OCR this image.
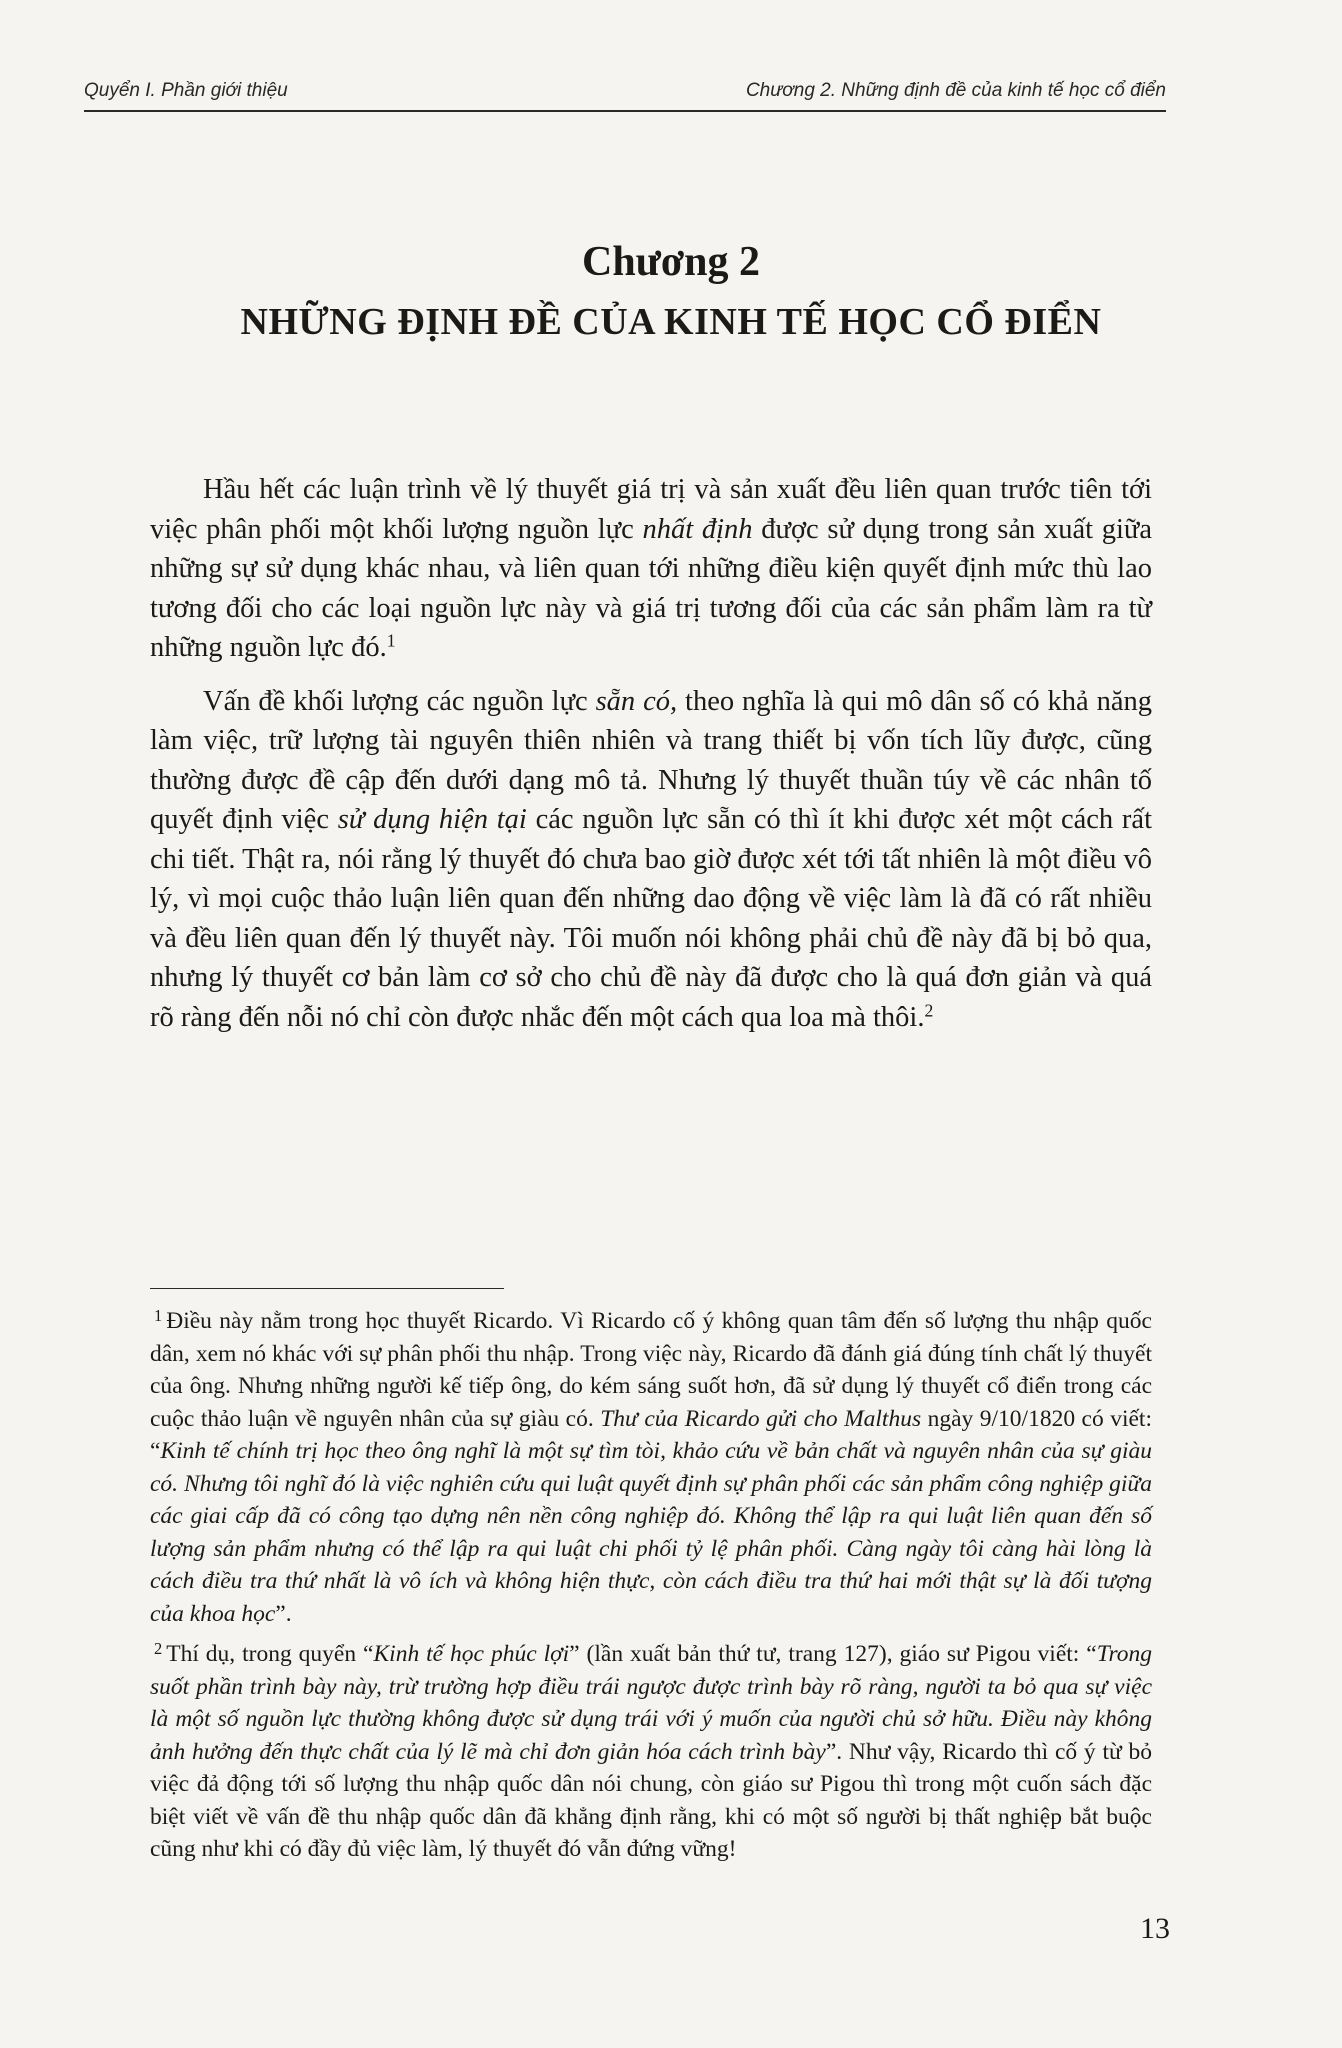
Quyển I. Phần giới thiệu	Chương 2. Những định đề của kinh tế học cổ điển
Chương 2
NHỮNG ĐỊNH ĐỀ CỦA KINH TẾ HỌC CỔ ĐIỂN

Hầu hết các luận trình về lý thuyết giá trị và sản xuất đều liên quan trước tiên tới việc phân phối một khối lượng nguồn lực nhất định được sử dụng trong sản xuất giữa những sự sử dụng khác nhau, và liên quan tới những điều kiện quyết định mức thù lao tương đối cho các loại nguồn lực này và giá trị tương đối của các sản phẩm làm ra từ những nguồn lực đó.$^1$

Vấn đề khối lượng các nguồn lực sẵn có, theo nghĩa là qui mô dân số có khả năng làm việc, trữ lượng tài nguyên thiên nhiên và trang thiết bị vốn tích lũy được, cũng thường được đề cập đến dưới dạng mô tả. Nhưng lý thuyết thuần túy về các nhân tố quyết định việc sử dụng hiện tại các nguồn lực sẵn có thì ít khi được xét một cách rất chi tiết. Thật ra, nói rằng lý thuyết đó chưa bao giờ được xét tới tất nhiên là một điều vô lý, vì mọi cuộc thảo luận liên quan đến những dao động về việc làm là đã có rất nhiều và đều liên quan đến lý thuyết này. Tôi muốn nói không phải chủ đề này đã bị bỏ qua, nhưng lý thuyết cơ bản làm cơ sở cho chủ đề này đã được cho là quá đơn giản và quá rõ ràng đến nỗi nó chỉ còn được nhắc đến một cách qua loa mà thôi.$^2$

$^1$ Điều này nằm trong học thuyết Ricardo. Vì Ricardo cố ý không quan tâm đến số lượng thu nhập quốc dân, xem nó khác với sự phân phối thu nhập. Trong việc này, Ricardo đã đánh giá đúng tính chất lý thuyết của ông. Nhưng những người kế tiếp ông, do kém sáng suốt hơn, đã sử dụng lý thuyết cổ điển trong các cuộc thảo luận về nguyên nhân của sự giàu có. Thư của Ricardo gửi cho Malthus ngày 9/10/1820 có viết: “Kinh tế chính trị học theo ông nghĩ là một sự tìm tòi, khảo cứu về bản chất và nguyên nhân của sự giàu có. Nhưng tôi nghĩ đó là việc nghiên cứu qui luật quyết định sự phân phối các sản phẩm công nghiệp giữa các giai cấp đã có công tạo dựng nên nền công nghiệp đó. Không thể lập ra qui luật liên quan đến số lượng sản phẩm nhưng có thể lập ra qui luật chi phối tỷ lệ phân phối. Càng ngày tôi càng hài lòng là cách điều tra thứ nhất là vô ích và không hiện thực, còn cách điều tra thứ hai mới thật sự là đối tượng của khoa học”.

$^2$ Thí dụ, trong quyển “Kinh tế học phúc lợi” (lần xuất bản thứ tư, trang 127), giáo sư Pigou viết: “Trong suốt phần trình bày này, trừ trường hợp điều trái ngược được trình bày rõ ràng, người ta bỏ qua sự việc là một số nguồn lực thường không được sử dụng trái với ý muốn của người chủ sở hữu. Điều này không ảnh hưởng đến thực chất của lý lẽ mà chỉ đơn giản hóa cách trình bày”. Như vậy, Ricardo thì cố ý từ bỏ việc đả động tới số lượng thu nhập quốc dân nói chung, còn giáo sư Pigou thì trong một cuốn sách đặc biệt viết về vấn đề thu nhập quốc dân đã khẳng định rằng, khi có một số người bị thất nghiệp bắt buộc cũng như khi có đầy đủ việc làm, lý thuyết đó vẫn đứng vững!

13
